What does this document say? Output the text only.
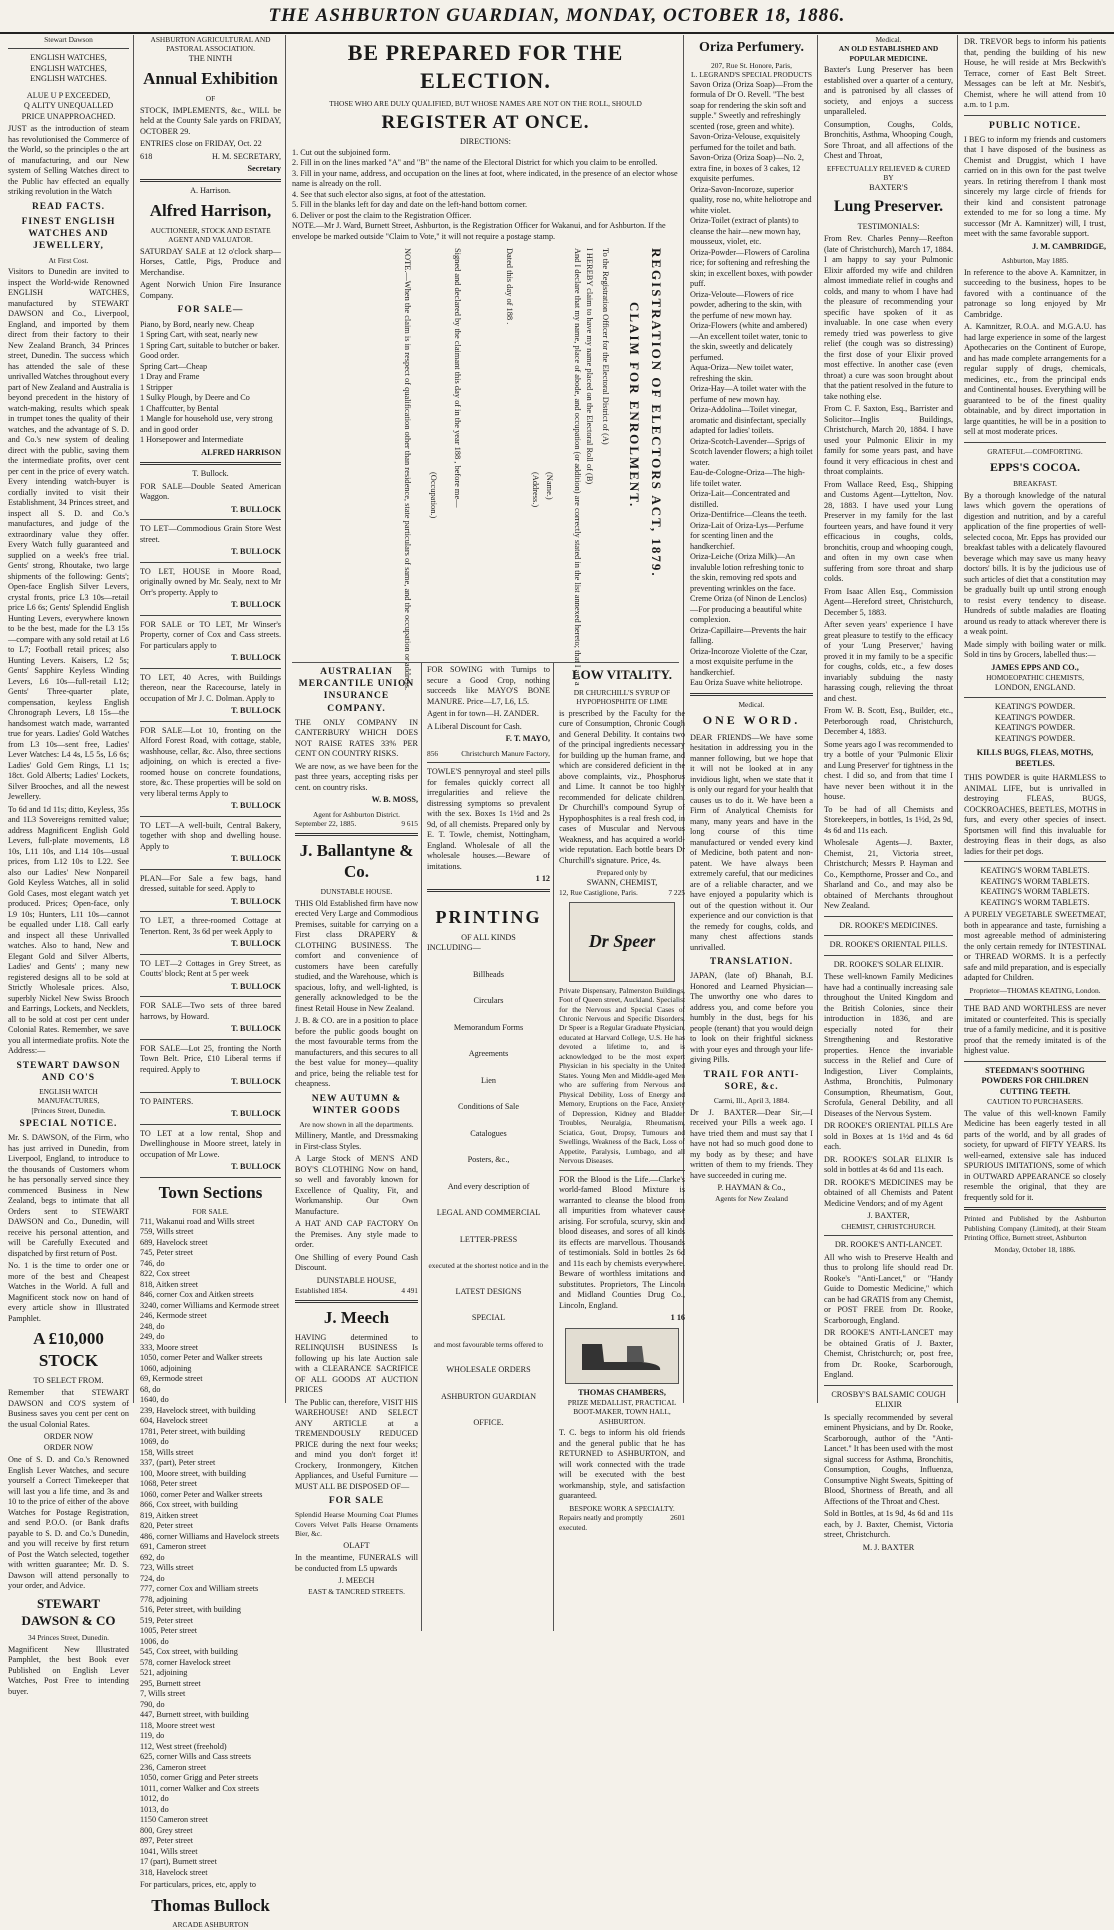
THE ASHBURTON GUARDIAN, MONDAY, OCTOBER 18, 1886.
Stewart Dawson
ENGLISH WATCHES,
ENGLISH WATCHES,
ENGLISH WATCHES.
ALUE U P EXCEEDED,
Q ALITY UNEQUALLED
PRICE UNAPPROACHED.

JUST as the introduction of steam has revolutionised the Commerce of the World, so the principles o the art of manufacturing, and our New system of Selling Watches direct to the Public hav effected an equally striking revolution in the Watch

READ FACTS.
FINEST ENGLISH WATCHES AND JEWELLERY,
At First Cost.

Visitors to Dunedin are invited to inspect the World-wide Renowned ENGLISH WATCHES, manufactured by STEWART DAWSON and Co., Liverpool, England, and imported by them direct from their factory to their New Zealand Branch, 34 Princes street, Dunedin. The success which has attended the sale of these unrivalled Watches throughout every part of New Zealand and Australia is beyond precedent in the history of watch-making, results which speak in trumpet tones the quality of their watches, and the advantage of S. D. and Co.'s new system of dealing direct with the public, saving them the intermediate profits, over cent per cent in the price of every watch. Every intending watch-buyer is cordially invited to visit their Establishment, 34 Princes street, and inspect all S. D. and Co.'s manufactures, and judge of the extraordinary value they offer. Every Watch fully guaranteed and supplied on a week's free trial. Gents' strong, Rhoutake, two large shipments of the following: Gents'; Open-face English Silver Levers, crystal fronts, price L3 10s—retail price L6 6s; Gents' Splendid English Hunting Levers, everywhere known to be the best, made for the L3 15s—compare with any sold retail at L6 to L7; Football retail prices; also Hunting Levers. Kaisers, L2 5s; Gents' Sapphire Keyless Winding Levers, L6 10s—full-retail L12; Gents' Three-quarter plate, compensation, keyless English Chronograph Levers, L8 15s—the handsomest watch made, warranted true for years. Ladies' Gold Watches from L3 10s—sent free, Ladies' Lever Watches: L4 4s, L5 5s, L6 6s; Ladies' Gold Gem Rings, L1 1s; 18ct. Gold Alberts; Ladies' Lockets, Silver Brooches, and all the newest Jewellery.

To 6d and 1d 11s; ditto, Keyless, 35s and 1L3 Sovereigns remitted value; address Magnificent English Gold Levers, full-plate movements, L8 10s, L11 10s, and L14 10s—usual prices, from L12 10s to L22. See also our Ladies' New Nonpareil Gold Keyless Watches, all in solid Gold Cases, most elegant watch yet produced. Prices; Open-face, only L9 10s; Hunters, L11 10s—cannot be equalled under L18. Call early and inspect all these Unrivalled watches. Also to hand, New and Elegant Gold and Silver Alberts, Ladies' and Gents' ; many new registered designs all to be sold at Strictly Wholesale prices. Also, superbly Nickel New Swiss Brooch and Earrings, Lockets, and Necklets, all to be sold at cost per cent under Colonial Rates. Remember, we save you all intermediate profits. Note the Address:—

STEWART DAWSON AND CO'S
ENGLISH WATCH MANUFACTURES,
[Princes Street, Dunedin.
SPECIAL NOTICE.

Mr. S. DAWSON, of the Firm, who has just arrived in Dunedin, from Liverpool, England, to introduce to the thousands of Customers whom he has personally served since they commenced Business in New Zealand, begs to intimate that all Orders sent to STEWART DAWSON and Co., Dunedin, will receive his personal attention, and will be Carefully Executed and dispatched by first return of Post.

No. 1 is the time to order one or more of the best and Cheapest Watches in the World. A full and Magnificent stock now on hand of every article show in Illustrated Pamphlet.

A £10,000 STOCK
TO SELECT FROM.

Remember that STEWART DAWSON and CO'S system of Business saves you cent per cent on the usual Colonial Rates.

ORDER NOW
ORDER NOW

One of S. D. and Co.'s Renowned English Lever Watches, and secure yourself a Correct Timekeeper that will last you a life time, and 3s and 10 to the price of either of the above Watches for Postage Registration, and send P.O.O. (or Bank drafts payable to S. D. and Co.'s Dunedin, and you will receive by first return of Post the Watch selected, together with written guarantee; Mr. D. S. Dawson will attend personally to your order, and Advice.

STEWART DAWSON & CO
34 Princes Street, Dunedin.

Magnificent New Illustrated Pamphlet, the best Book ever Published on English Lever Watches, Post Free to intending buyer.

ASHBURTON AGRICULTURAL AND PASTORAL ASSOCIATION.
THE NINTH
Annual Exhibition
OF

STOCK, IMPLEMENTS, &c., WILL be held at the County Sale yards on FRIDAY, OCTOBER 29.

ENTRIES close on FRIDAY, Oct. 22

618	H. M. SECRETARY,
Secretary
A. Harrison.
Alfred Harrison,
AUCTIONEER, STOCK AND ESTATE AGENT AND VALUATOR.

SATURDAY SALE at 12 o'clock sharp—Horses, Cattle, Pigs, Produce and Merchandise.

Agent Norwich Union Fire Insurance Company.

FOR SALE—
Piano, by Bord, nearly new. Cheap
1 Spring Cart, with seat, nearly new
1 Spring Cart, suitable to butcher or baker. Good order.
Spring Cart—Cheap
1 Dray and Frame
1 Stripper
1 Sulky Plough, by Deere and Co
1 Chaffcutter, by Bental
1 Mangle for household use, very strong and in good order
1 Horsepower and Intermediate
ALFRED HARRISON
T. Bullock.

FOR SALE—Double Seated American Waggon.

T. BULLOCK

TO LET—Commodious Grain Store West street.

T. BULLOCK

TO LET, HOUSE in Moore Road, originally owned by Mr. Sealy, next to Mr Orr's property. Apply to

T. BULLOCK

FOR SALE or TO LET, Mr Winser's Property, corner of Cox and Cass streets. For particulars apply to

T. BULLOCK

TO LET, 40 Acres, with Buildings thereon, near the Racecourse, lately in occupation of Mr J. C. Dolman. Apply to

T. BULLOCK

FOR SALE—Lot 10, fronting on the Alford Forest Road, with cottage, stable, washhouse, cellar, &c. Also, three sections adjoining, on which is erected a five-roomed house on concrete foundations, store, &c. These properties will be sold on very liberal terms Apply to

T. BULLOCK

TO LET—A well-built, Central Bakery, together with shop and dwelling house. Apply to

T. BULLOCK

PLAN—For Sale a few bags, hand dressed, suitable for seed. Apply to

T. BULLOCK

TO LET, a three-roomed Cottage at Tenerton. Rent, 3s 6d per week Apply to

T. BULLOCK

TO LET—2 Cottages in Grey Street, as Coutts' block; Rent at 5 per week

T. BULLOCK

FOR SALE—Two sets of three bared harrows, by Howard.

T. BULLOCK

FOR SALE—Lot 25, fronting the North Town Belt. Price, £10 Liberal terms if required. Apply to

T. BULLOCK

TO PAINTERS.

T. BULLOCK

TO LET at a low rental, Shop and Dwellinghouse in Moore street, lately in occupation of Mr Lowe.

T. BULLOCK
Town Sections
FOR SALE.
711, Wakanui road and Wills street
759, Wills street
689, Havelock street
745, Peter street
746, do
822, Cox street
818, Aitken street
846, corner Cox and Aitken streets
3240, corner Williams and Kermode street
246, Kermode street
248, do
249, do
333, Moore street
1050, corner Peter and Walker streets
1060, adjoining
69, Kermode street
68, do
1640, do
239, Havelock street, with building
604, Havelock street
1781, Peter street, with building
1069, do
158, Wills street
337, (part), Peter street
100, Moore street, with building
1068, Peter street
1060, corner Peter and Walker streets
866, Cox street, with building
819, Aitken street
820, Peter street
486, corner Williams and Havelock streets
691, Cameron street
692, do
723, Wills street
724, do
777, corner Cox and William streets
778, adjoining
516, Peter street, with building
519, Peter street
1005, Peter street
1006, do
545, Cox street, with building
578, corner Havelock street
521, adjoining
295, Burnett street
7, Wills street
790, do
447, Burnett street, with building
118, Moore street west
119, do
112, West street (freehold)
625, corner Wills and Cass streets
236, Cameron street
1050, corner Grigg and Peter streets
1011, corner Walker and Cox streets
1012, do
1013, do
1150 Cameron street
800, Grey street
897, Peter street
1041, Wills street
17 (part), Burnett street
318, Havelock street

For particulars, prices, etc, apply to

Thomas Bullock
ARCADE ASHBURTON
BE PREPARED FOR THE ELECTION.
THOSE WHO ARE DULY QUALIFIED, BUT WHOSE NAMES ARE NOT ON THE ROLL, SHOULD
REGISTER AT ONCE.
DIRECTIONS:
1. Cut out the subjoined form.
2. Fill in on the lines marked "A" and "B" the name of the Electoral District for which you claim to be enrolled.
3. Fill in your name, address, and occupation on the lines at foot, where indicated, in the presence of an elector whose name is already on the roll.
4. See that such elector also signs, at foot of the attestation.
5. Fill in the blanks left for day and date on the left-hand bottom corner.
6. Deliver or post the claim to the Registration Officer.
NOTE.—Mr J. Ward, Burnett Street, Ashburton, is the Registration Officer for Wakanui, and for Ashburton. If the envelope be marked outside "Claim to Vote," it will not require a postage stamp.
REGISTRATION OF ELECTORS ACT, 1879.
CLAIM FOR ENROLMENT.
To the Registration Officer for the Electoral District of (A)
I HEREBY claim to have my name placed on the Electoral Roll of (B)
And I declare that my name, place of abode, and occupation (or addition) are correctly stated in the list annexed hereto; that I am a
(Name.)
(Address.)
Dated this day of 188 .
Signed and declared by the claimant this day of in the year 188 , before me—
(Occupation.)
NOTE.—When the claim is in respect of qualification other than residence, state particulars of same, and the occupation or address.
AUSTRALIAN MERCANTILE UNION INSURANCE COMPANY.

THE ONLY COMPANY IN CANTERBURY WHICH DOES NOT RAISE RATES 33% PER CENT ON COUNTRY RISKS.

We are now, as we have been for the past three years, accepting risks per cent. on country risks.

W. B. MOSS,
Agent for Ashburton District.
September 22, 1885.	9 615
J. Ballantyne & Co.
DUNSTABLE HOUSE.

THIS Old Established firm have now erected Very Large and Commodious Premises, suitable for carrying on a First class DRAPERY & CLOTHING BUSINESS. The comfort and convenience of customers have been carefully studied, and the Warehouse, which is spacious, lofty, and well-lighted, is generally acknowledged to be the finest Retail House in New Zealand.

J. B. & CO. are in a position to place before the public goods bought on the most favourable terms from the manufacturers, and this secures to all the best value for money—quality and price, being the reliable test for cheapness.

NEW AUTUMN & WINTER GOODS
Are now shown in all the departments.

Millinery, Mantle, and Dressmaking in First-class Styles.

A Large Stock of MEN'S AND BOY'S CLOTHING Now on hand, so well and favorably known for Excellence of Quality, Fit, and Workmanship. Our Own Manufacture.

A HAT AND CAP FACTORY On the Premises. Any style made to order.

One Shilling of every Pound Cash Discount.

DUNSTABLE HOUSE,
Established 1854.	4 491
J. Meech

HAVING determined to RELINQUISH BUSINESS Is following up his late Auction sale with a CLEARANCE SACRIFICE OF ALL GOODS AT AUCTION PRICES

The Public can, therefore, VISIT HIS WAREHOUSE! AND SELECT ANY ARTICLE at a TREMENDOUSLY REDUCED PRICE during the next four weeks; and mind you don't forget it! Crockery, Ironmongery, Kitchen Appliances, and Useful Furniture —MUST ALL BE DISPOSED OF—

FOR SALE

Splendid Hearse Mourning Coat Plumes Covers Velvet Palls Hearse Ornaments Bier, &c.

OLAFT

In the meantime, FUNERALS will be conducted from L5 upwards

J. MEECH
EAST & TANCRED STREETS.

FOR SOWING with Turnips to secure a Good Crop, nothing succeeds like MAYO'S BONE MANURE. Price—L7, L6, L5.

Agent in for town—H. ZANDER.

A Liberal Discount for Cash.

F. T. MAYO,
856	Christchurch Manure Factory,

TOWLE'S pennyroyal and steel pills for females quickly correct all irregularities and relieve the distressing symptoms so prevalent with the sex. Boxes 1s 1½d and 2s 9d, of all chemists. Prepared only by E. T. Towle, chemist, Nottingham, England. Wholesale of all the wholesale houses.—Beware of imitations.

1 12
PRINTING
OF ALL KINDS
INCLUDING—
Billheads
Circulars
Memorandum Forms
Agreements
Lien
Conditions of Sale
Catalogues
Posters, &c.,
And every description of
LEGAL AND COMMERCIAL
LETTER-PRESS
executed at the shortest notice and in the
LATEST DESIGNS
SPECIAL
and most favourable terms offered to
WHOLESALE ORDERS
ASHBURTON GUARDIAN
OFFICE.
LOW VITALITY.
DR CHURCHILL'S SYRUP OF HYPOPHOSPHITE OF LIME

is prescribed by the Faculty for the cure of Consumption, Chronic Cough and General Debility. It contains two of the principal ingredients necessary for building up the human frame, and which are considered deficient in the above complaints, viz., Phosphorus and Lime. It cannot be too highly recommended for delicate children. Dr Churchill's compound Syrup of Hypophosphites is a real fresh cod, in cases of Muscular and Nervous Weakness, and has acquired a world-wide reputation. Each bottle bears Dr Churchill's signature. Price, 4s.

Prepared only by
SWANN, CHEMIST,
12, Rue Castiglione, Paris.	7 225
Dr Speer

Private Dispensary, Palmerston Buildings, Foot of Queen street, Auckland. Specialist for the Nervous and Special Cases of Chronic Nervous and Specific Disorders. Dr Speer is a Regular Graduate Physician, educated at Harvard College, U.S. He has devoted a lifetime to, and is acknowledged to be the most expert Physician in his specialty in the United States. Young Men and Middle-aged Men who are suffering from Nervous and Physical Debility, Loss of Energy and Memory, Eruptions on the Face, Anxiety of Depression, Kidney and Bladder Troubles, Neuralgia, Rheumatism, Sciatica, Gout, Dropsy, Tumours and Swellings, Weakness of the Back, Loss of Appetite, Paralysis, Lumbago, and all Nervous Diseases.

FOR the Blood is the Life.—Clarke's world-famed Blood Mixture is warranted to cleanse the blood from all impurities from whatever cause arising. For scrofula, scurvy, skin and blood diseases, and sores of all kinds its effects are marvellous. Thousands of testimonials. Sold in bottles 2s 6d and 11s each by chemists everywhere. Beware of worthless imitations and substitutes. Proprietors, The Lincoln and Midland Counties Drug Co., Lincoln, England.

1 16
THOMAS CHAMBERS,
PRIZE MEDALLIST, PRACTICAL BOOT-MAKER, TOWN HALL, ASHBURTON.

T. C. begs to inform his old friends and the general public that he has RETURNED to ASHBURTON, and will work connected with the trade will be executed with the best workmanship, style, and satisfaction guaranteed.

BESPOKE WORK A SPECIALTY.
Repairs neatly and promptly executed.
2601
Oriza Perfumery.
207, Rue St. Honore, Paris,
L. LEGRAND'S SPECIAL PRODUCTS
Savon Oriza (Oriza Soap)—From the formula of Dr O. Revell. "The best soap for rendering the skin soft and supple." Sweetly and refreshingly scented (rose, green and white).
Savon-Oriza-Velouse, exquisitely perfumed for the toilet and bath.
Savon-Oriza (Oriza Soap)—No. 2, extra fine, in boxes of 3 cakes, 12 exquisite perfumes.
Oriza-Savon-Incoroze, superior quality, rose no, white heliotrope and white violet.
Oriza-Toilet (extract of plants) to cleanse the hair—new mown hay, mousseux, violet, etc.
Oriza-Powder—Flowers of Carolina rice; for softening and refreshing the skin; in excellent boxes, with powder puff.
Oriza-Veloute—Flowers of rice powder, adhering to the skin, with the perfume of new mown hay.
Oriza-Flowers (white and ambered)—An excellent toilet water, tonic to the skin, sweetly and delicately perfumed.
Aqua-Oriza—New toilet water, refreshing the skin.
Oriza-Hay—A toilet water with the perfume of new mown hay.
Oriza-Addolina—Toilet vinegar, aromatic and disinfectant, specially adapted for ladies' toilets.
Oriza-Scotch-Lavender—Sprigs of Scotch lavender flowers; a high toilet water.
Eau-de-Cologne-Oriza—The high-life toilet water.
Oriza-Lait—Concentrated and distilled.
Oriza-Dentifrice—Cleans the teeth.
Oriza-Lait of Oriza-Lys—Perfume for scenting linen and the handkerchief.
Oriza-Leiche (Oriza Milk)—An invaluble lotion refreshing tonic to the skin, removing red spots and preventing wrinkles on the face.
Creme Oriza (of Ninon de Lenclos)—For producing a beautiful white complexion.
Oriza-Capillaire—Prevents the hair falling.
Oriza-Incoroze Violette of the Czar, a most exquisite perfume in the handkerchief.
Eau Oriza Suave white heliotrope.
Medical.
ONE WORD.

DEAR FRIENDS—We have some hesitation in addressing you in the manner following, but we hope that it will not be looked at in any invidious light, when we state that it is only our regard for your health that causes us to do it. We have been a Firm of Analytical Chemists for many, many years and have in the long course of this time manufactured or vended every kind of Medicine, both patent and non-patent. We have always been extremely careful, that our medicines are of a reliable character, and we have enjoyed a popularity which is out of the question without it. Our experience and our conviction is that the remedy for coughs, colds, and many chest affections stands unrivalled.

TRANSLATION.

JAPAN, (late of) Bhanah, B.I. Honored and Learned Physician—The unworthy one who dares to address you, and come before you humbly in the dust, begs for his people (tenant) that you would deign to look on their frightful sickness with your eyes and through your life-giving Pills.

TRAIL FOR ANTI-SORE, &c.
Carmi, Ill., April 3, 1884.

Dr J. BAXTER—Dear Sir,—I received your Pills a week ago. I have tried them and must say that I have not had so much good done to my body as by these; and have written of them to my friends. They have succeeded in curing me.

P. HAYMAN & Co.,
Agents for New Zealand
Medical.
AN OLD ESTABLISHED AND POPULAR MEDICINE.

Baxter's Lung Preserver has been established over a quarter of a century, and is patronised by all classes of society, and enjoys a success unparalleled.

Consumption, Coughs, Colds, Bronchitis, Asthma, Whooping Cough, Sore Throat, and all affections of the Chest and Throat,

EFFECTUALLY RELIEVED & CURED BY
BAXTER'S
Lung Preserver.
TESTIMONIALS:

From Rev. Charles Penny—Reefton (late of Christchurch), March 17, 1884. I am happy to say your Pulmonic Elixir afforded my wife and children almost immediate relief in coughs and colds, and many to whom I have had the pleasure of recommending your specific have spoken of it as invaluable. In one case when every remedy tried was powerless to give relief (the cough was so distressing) the first dose of your Elixir proved most effective. In another case (even throat) a cure was soon brought about that the patient resolved in the future to take nothing else.

From C. F. Saxton, Esq., Barrister and Solicitor—Inglis Buildings, Christchurch, March 20, 1884. I have used your Pulmonic Elixir in my family for some years past, and have found it very efficacious in chest and throat complaints.

From Wallace Reed, Esq., Shipping and Customs Agent—Lyttelton, Nov. 28, 1883. I have used your Lung Preserver in my family for the last fourteen years, and have found it very efficacious in coughs, colds, bronchitis, croup and whooping cough, and often in my own case when suffering from sore throat and sharp colds.

From Isaac Allen Esq., Commission Agent—Hereford street, Christchurch, December 5, 1883.

After seven years' experience I have great pleasure to testify to the efficacy of your 'Lung Preserver,' having proved it in my family to be a specific for coughs, colds, etc., a few doses invariably subduing the nasty harassing cough, relieving the throat and chest.

From W. B. Scott, Esq., Builder, etc., Peterborough road, Christchurch, December 4, 1883.

Some years ago I was recommended to try a bottle of your 'Pulmonic Elixir and Lung Preserver' for tightness in the chest. I did so, and from that time I have never been without it in the house.

To be had of all Chemists and Storekeepers, in bottles, 1s 1½d, 2s 9d, 4s 6d and 11s each.

Wholesale Agents—J. Baxter, Chemist, 21, Victoria street, Christchurch; Messrs P. Hayman and Co., Kempthorne, Prosser and Co., and Sharland and Co., and may also be obtained of Merchants throughout New Zealand.

DR. ROOKE'S MEDICINES.
DR. ROOKE'S ORIENTAL PILLS.
DR. ROOKE'S SOLAR ELIXIR.

These well-known Family Medicines have had a continually increasing sale throughout the United Kingdom and the British Colonies, since their introduction in 1836, and are especially noted for their Strengthening and Restorative properties. Hence the invariable success in the Relief and Cure of Indigestion, Liver Complaints, Asthma, Bronchitis, Pulmonary Consumption, Rheumatism, Gout, Scrofula, General Debility, and all Diseases of the Nervous System.

DR ROOKE'S ORIENTAL PILLS Are sold in Boxes at 1s 1½d and 4s 6d each.

DR. ROOKE'S SOLAR ELIXIR Is sold in bottles at 4s 6d and 11s each.

DR. ROOKE'S MEDICINES may be obtained of all Chemists and Patent Medicine Vendors; and of my Agent

J. BAXTER,
CHEMIST, CHRISTCHURCH.
DR. ROOKE'S ANTI-LANCET.

All who wish to Preserve Health and thus to prolong life should read Dr. Rooke's "Anti-Lancet," or "Handy Guide to Domestic Medicine," which can be had GRATIS from any Chemist, or POST FREE from Dr. Rooke, Scarborough, England.

DR ROOKE'S ANTI-LANCET may be obtained Gratis of J. Baxter, Chemist, Christchurch; or, post free, from Dr. Rooke, Scarborough, England.

CROSBY'S BALSAMIC COUGH ELIXIR

Is specially recommended by several eminent Physicians, and by Dr. Rooke, Scarborough, author of the "Anti-Lancet." It has been used with the most signal success for Asthma, Bronchitis, Consumption, Coughs, Influenza, Consumptive Night Sweats, Spitting of Blood, Shortness of Breath, and all Affections of the Throat and Chest.

Sold in Bottles, at 1s 9d, 4s 6d and 11s each, by J. Baxter, Chemist, Victoria street, Christchurch.

M. J. BAXTER

DR. TREVOR begs to inform his patients that, pending the building of his new House, he will reside at Mrs Beckwith's Terrace, corner of East Belt Street. Messages can be left at Mr. Nesbit's, Chemist, where he will attend from 10 a.m. to 1 p.m.

PUBLIC NOTICE.

I BEG to inform my friends and customers that I have disposed of the business as Chemist and Druggist, which I have carried on in this own for the past twelve years. In retiring therefrom I thank most sincerely my large circle of friends for their kind and consistent patronage extended to me for so long a time. My successor (Mr A. Kamnitzer) will, I trust, meet with the same favorable support.

J. M. CAMBRIDGE,
Ashburton, May 1885.

In reference to the above A. Kamnitzer, in succeeding to the business, hopes to be favored with a continuance of the patronage so long enjoyed by Mr Cambridge.

A. Kamnitzer, R.O.A. and M.G.A.U. has had large experience in some of the largest Apothecaries on the Continent of Europe, and has made complete arrangements for a regular supply of drugs, chemicals, medicines, etc., from the principal ends and Continental houses. Everything will be guaranteed to be of the finest quality obtainable, and by direct importation in large quantities, he will be in a position to sell at most moderate prices.

GRATEFUL—COMFORTING.
EPPS'S COCOA.
BREAKFAST.

By a thorough knowledge of the natural laws which govern the operations of digestion and nutrition, and by a careful application of the fine properties of well-selected cocoa, Mr. Epps has provided our breakfast tables with a delicately flavoured beverage which may save us many heavy doctors' bills. It is by the judicious use of such articles of diet that a constitution may be gradually built up until strong enough to resist every tendency to disease. Hundreds of subtle maladies are floating around us ready to attack wherever there is a weak point.

Made simply with boiling water or milk. Sold in tins by Grocers, labelled thus:—

JAMES EPPS AND CO.,
HOMOEOPATHIC CHEMISTS,
LONDON, ENGLAND.
KEATING'S POWDER.
KEATING'S POWDER.
KEATING'S POWDER.
KEATING'S POWDER.
KILLS BUGS, FLEAS, MOTHS, BEETLES.

THIS POWDER is quite HARMLESS to ANIMAL LIFE, but is unrivalled in destroying FLEAS, BUGS, COCKROACHES, BEETLES, MOTHS in furs, and every other species of insect. Sportsmen will find this invaluable for destroying fleas in their dogs, as also ladies for their pet dogs.

KEATING'S WORM TABLETS.
KEATING'S WORM TABLETS.
KEATING'S WORM TABLETS.
KEATING'S WORM TABLETS.

A PURELY VEGETABLE SWEETMEAT, both in appearance and taste, furnishing a most agreeable method of administering the only certain remedy for INTESTINAL or THREAD WORMS. It is a perfectly safe and mild preparation, and is especially adapted for Children.

Proprietor—THOMAS KEATING, London.

THE BAD AND WORTHLESS are never imitated or counterfeited. This is specially true of a family medicine, and it is positive proof that the remedy imitated is of the highest value.

STEEDMAN'S SOOTHING POWDERS FOR CHILDREN CUTTING TEETH.
CAUTION TO PURCHASERS.

The value of this well-known Family Medicine has been eagerly tested in all parts of the world, and by all grades of society, for upward of FIFTY YEARS. Its well-earned, extensive sale has induced SPURIOUS IMITATIONS, some of which in OUTWARD APPEARANCE so closely resemble the original, that they are frequently sold for it.

Printed and Published by the Ashburton Publishing Company (Limited), at their Steam Printing Office, Burnett street, Ashburton

Monday, October 18, 1886.
